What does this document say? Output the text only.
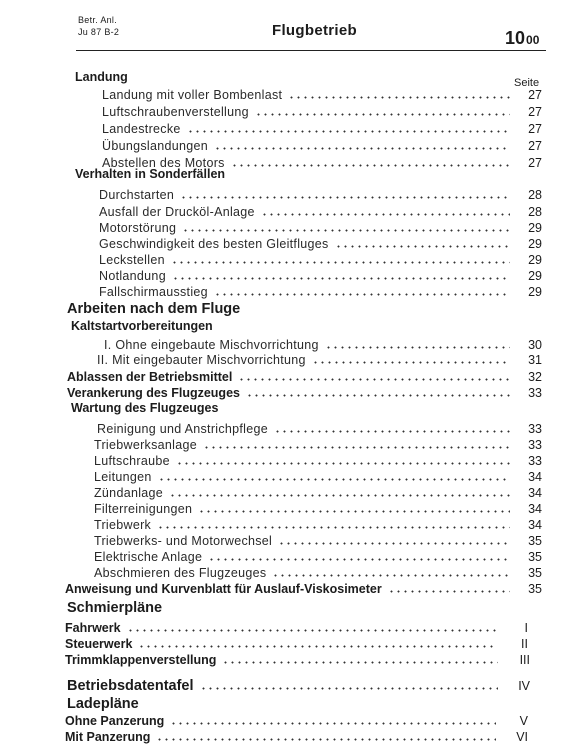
Betr. Anl.
Ju 87 B-2	Flugbetrieb	1000
Seite
Landung
Landung mit voller Bombenlast	27
Luftschraubenverstellung	27
Landestrecke	27
Übungslandungen	27
Abstellen des Motors	27
Verhalten in Sonderfällen
Durchstarten	28
Ausfall der Drucköl-Anlage	28
Motorstörung	29
Geschwindigkeit des besten Gleitfluges	29
Leckstellen	29
Notlandung	29
Fallschirmausstieg	29
Arbeiten nach dem Fluge
Kaltstartvorbereitungen
I. Ohne eingebaute Mischvorrichtung	30
II. Mit eingebauter Mischvorrichtung	31
Ablassen der Betriebsmittel	32
Verankerung des Flugzeuges	33
Wartung des Flugzeuges
Reinigung und Anstrichpflege	33
Triebwerksanlage	33
Luftschraube	33
Leitungen	34
Zündanlage	34
Filterreinigungen	34
Triebwerk	34
Triebwerks- und Motorwechsel	35
Elektrische Anlage	35
Abschmieren des Flugzeuges	35
Anweisung und Kurvenblatt für Auslauf-Viskosimeter	35
Schmierpläne
Fahrwerk	I
Steuerwerk	II
Trimmklappenverstellung	III
Betriebsdatentafel	IV
Ladepläne
Ohne Panzerung	V
Mit Panzerung	VI
